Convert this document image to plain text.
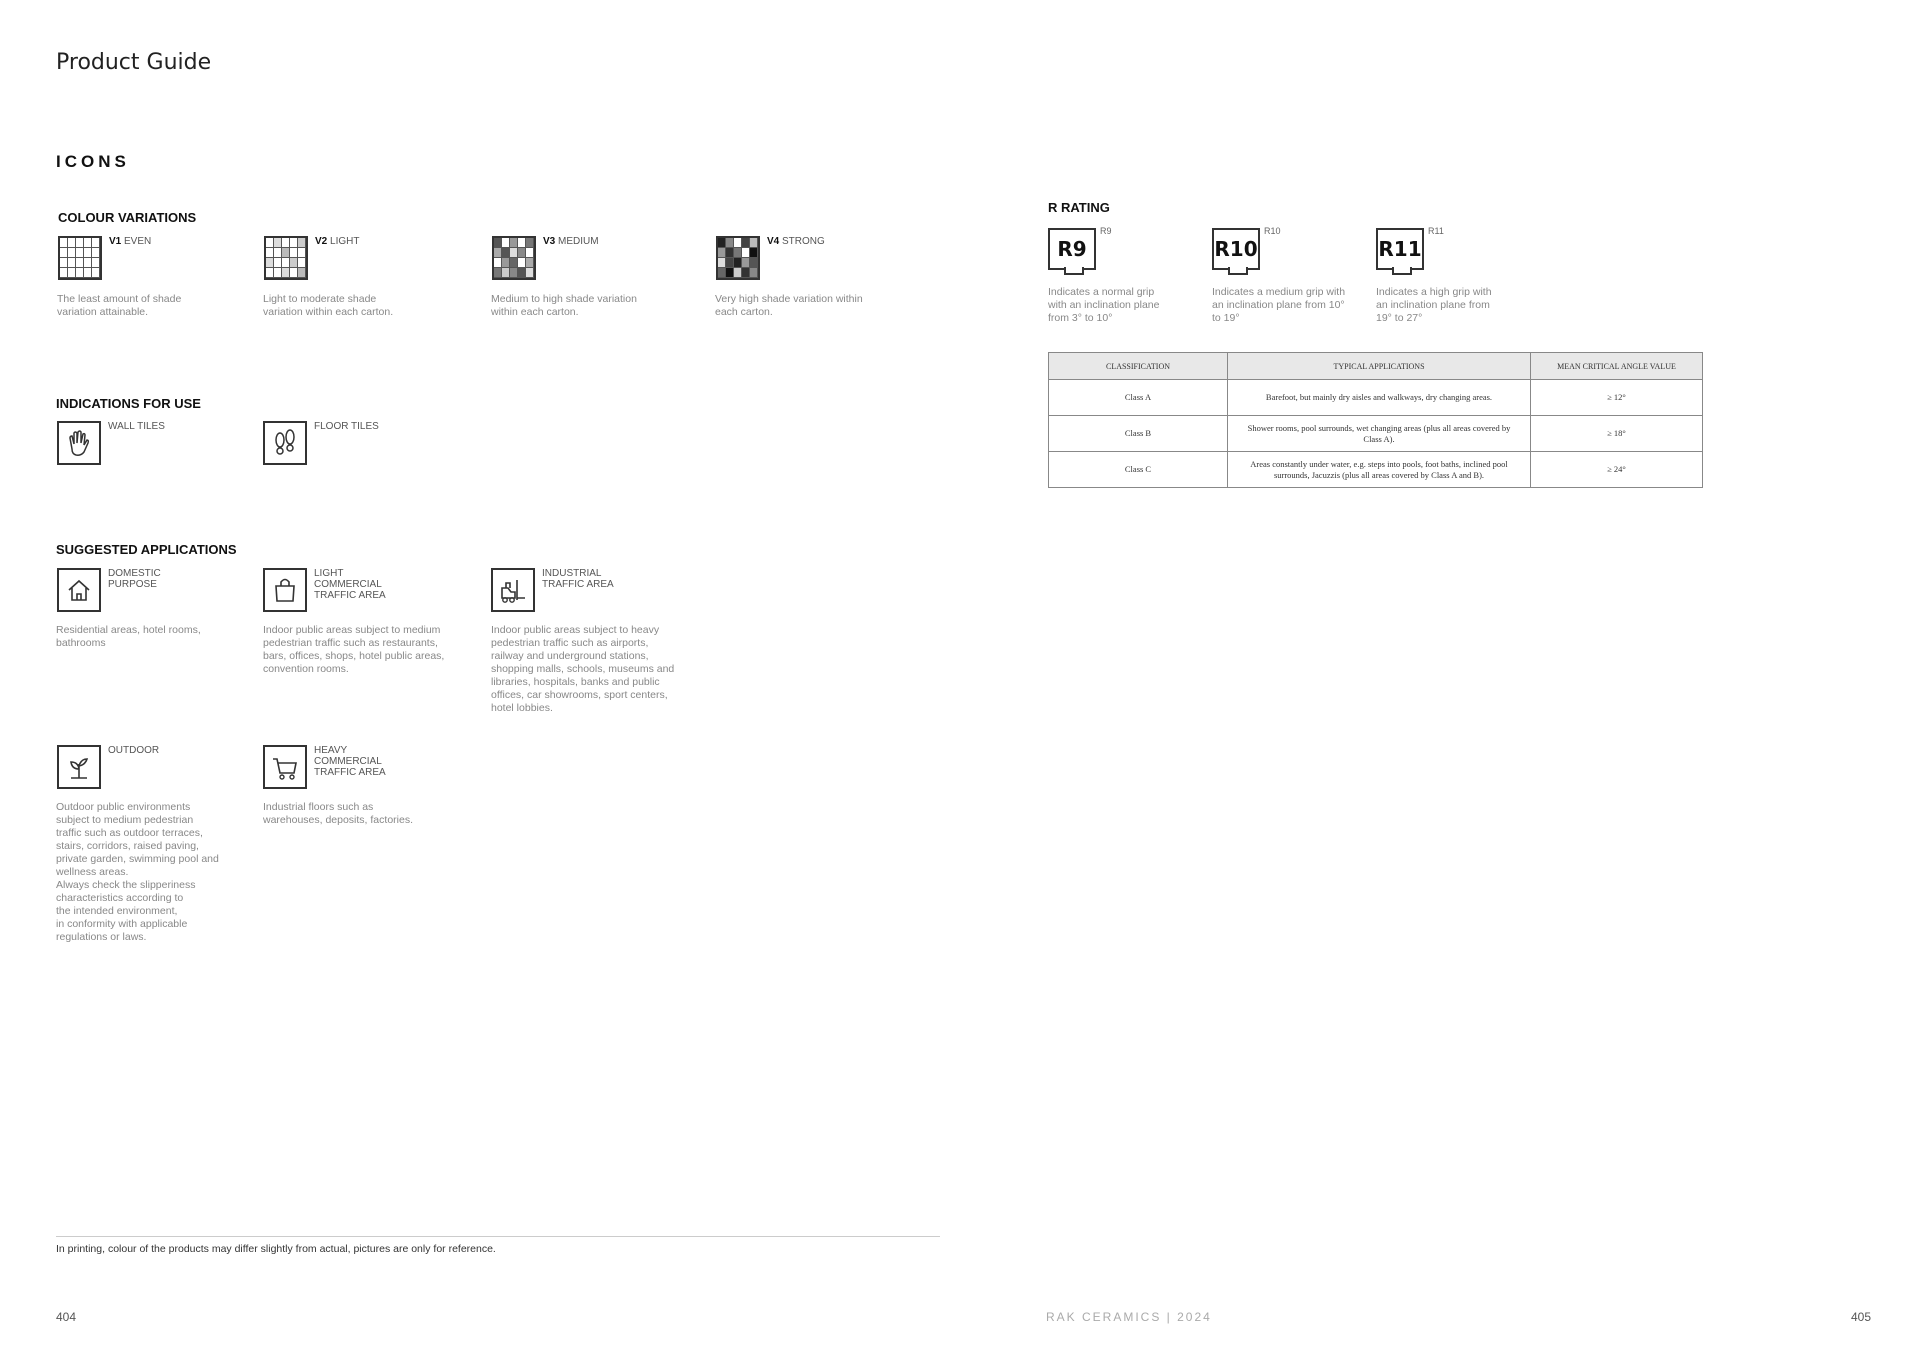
Product Guide
ICONS
COLOUR VARIATIONS
V1 EVEN
The least amount of shade
variation attainable.
V2 LIGHT
Light to moderate shade
variation within each carton.
V3 MEDIUM
Medium to high shade variation
within each carton.
V4 STRONG
Very high shade variation within
each carton.
INDICATIONS FOR USE
WALL TILES	FLOOR TILES
SUGGESTED APPLICATIONS
DOMESTIC
PURPOSE
Residential areas, hotel rooms,
bathrooms
LIGHT
COMMERCIAL
TRAFFIC AREA
Indoor public areas subject to medium
pedestrian traffic such as restaurants,
bars, offices, shops, hotel public areas,
convention rooms.
INDUSTRIAL
TRAFFIC AREA
Indoor public areas subject to heavy
pedestrian traffic such as airports,
railway and underground stations,
shopping malls, schools, museums and
libraries, hospitals, banks and public
offices, car showrooms, sport centers,
hotel lobbies.
OUTDOOR
Outdoor public environments
subject to medium pedestrian
traffic such as outdoor terraces,
stairs, corridors, raised paving,
private garden, swimming pool and
wellness areas.
Always check the slipperiness
characteristics according to
the intended environment,
in conformity with applicable
regulations or laws.
HEAVY
COMMERCIAL
TRAFFIC AREA
Industrial floors such as
warehouses, deposits, factories.
R RATING
R9
R9
Indicates a normal grip
with an inclination plane
from 3° to 10°
R10
R10
Indicates a medium grip with
an inclination plane from 10°
to 19°
R11
R11
Indicates a high grip with
an inclination plane from
19° to 27°
CLASSIFICATION	TYPICAL APPLICATIONS	MEAN CRITICAL ANGLE VALUE
Class A	Barefoot, but mainly dry aisles and walkways, dry changing areas.	≥ 12°
Class B	Shower rooms, pool surrounds, wet changing areas (plus all areas covered by Class A).	≥ 18°
Class C	Areas constantly under water, e.g. steps into pools, foot baths, inclined pool surrounds, Jacuzzis (plus all areas covered by Class A and B).	≥ 24°
In printing, colour of the products may differ slightly from actual, pictures are only for reference.
404	RAK CERAMICS | 2024	405
